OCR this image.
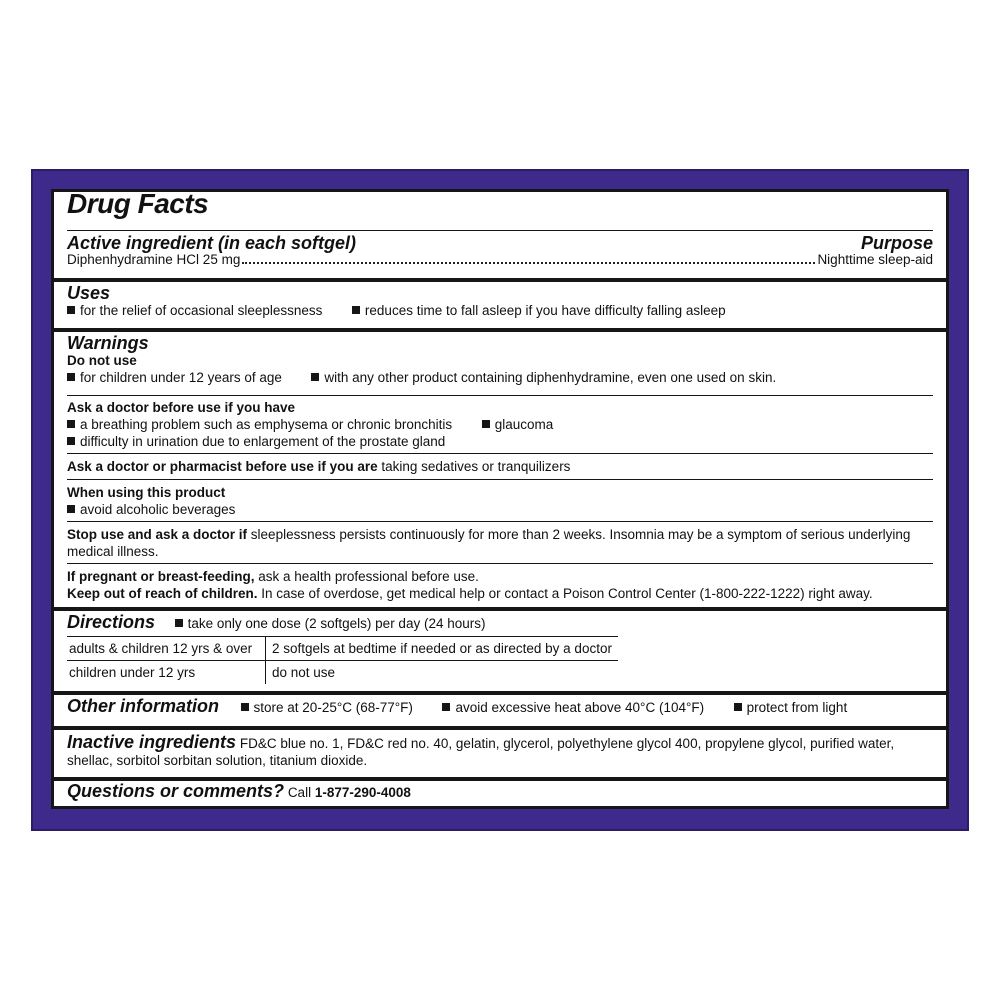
Drug Facts
Active ingredient (in each softgel)	Purpose
Diphenhydramine HCl 25 mg	Nighttime sleep-aid
Uses
for the relief of occasional sleeplessness	reduces time to fall asleep if you have difficulty falling asleep
Warnings
Do not use
for children under 12 years of age	with any other product containing diphenhydramine, even one used on skin.
Ask a doctor before use if you have
a breathing problem such as emphysema or chronic bronchitis	glaucoma
difficulty in urination due to enlargement of the prostate gland
Ask a doctor or pharmacist before use if you are taking sedatives or tranquilizers
When using this product
avoid alcoholic beverages
Stop use and ask a doctor if sleeplessness persists continuously for more than 2 weeks. Insomnia may be a symptom of serious underlying medical illness.
If pregnant or breast-feeding, ask a health professional before use.
Keep out of reach of children. In case of overdose, get medical help or contact a Poison Control Center (1-800-222-1222) right away.
Directions take only one dose (2 softgels) per day (24 hours)
adults & children 12 yrs & over	2 softgels at bedtime if needed or as directed by a doctor
children under 12 yrs	do not use
Other information	store at 20-25°C (68-77°F)	avoid excessive heat above 40°C (104°F)	protect from light
Inactive ingredients FD&C blue no. 1, FD&C red no. 40, gelatin, glycerol, polyethylene glycol 400, propylene glycol, purified water, shellac, sorbitol sorbitan solution, titanium dioxide.
Questions or comments? Call 1-877-290-4008
